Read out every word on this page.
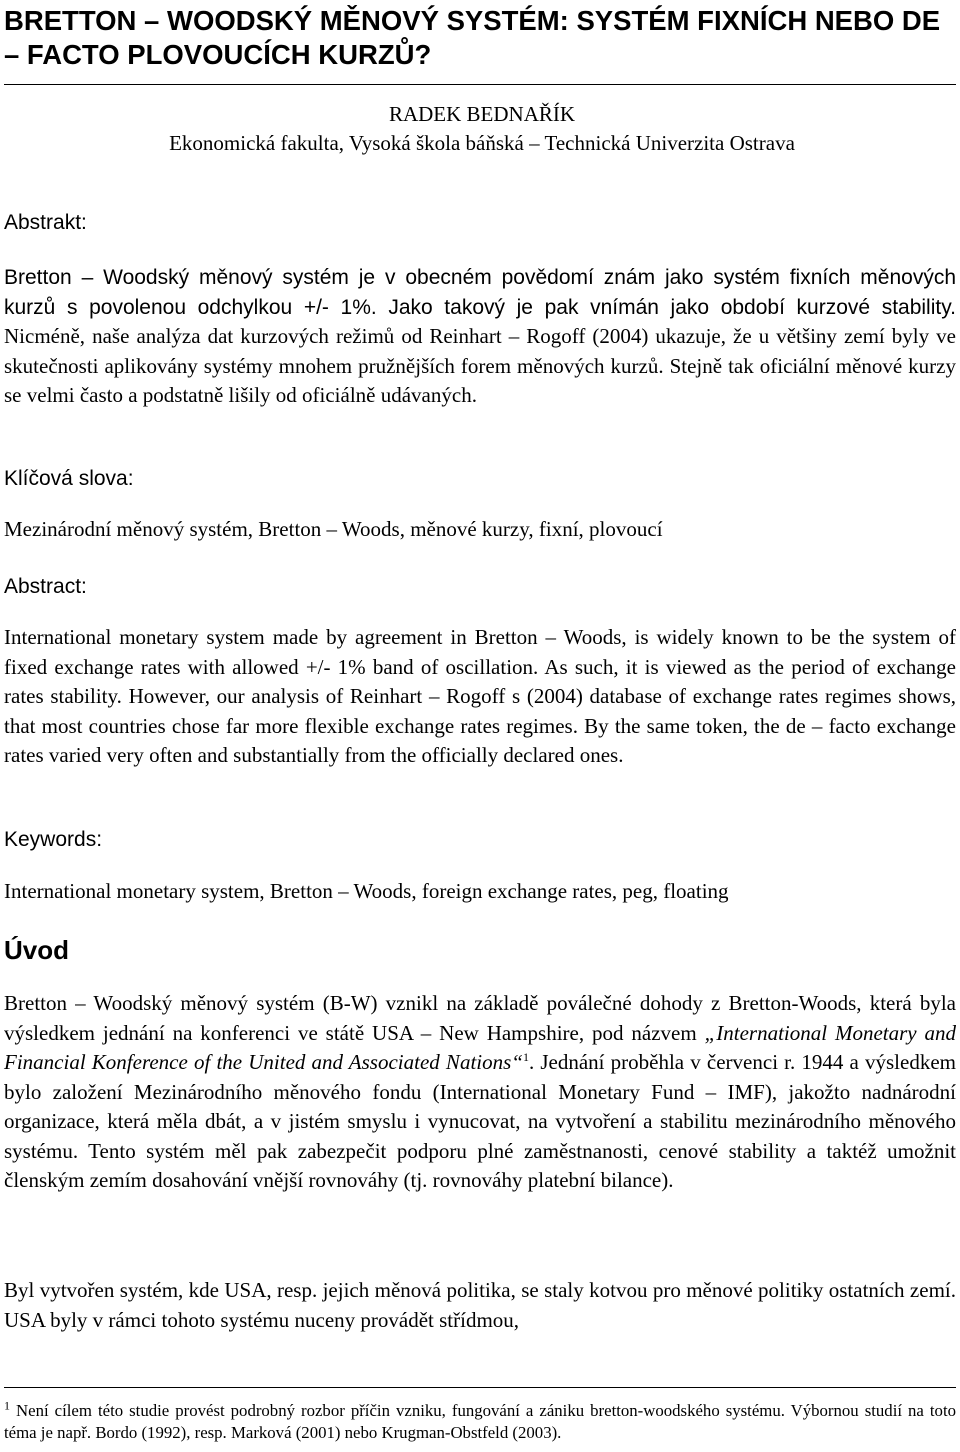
BRETTON – WOODSKÝ MĚNOVÝ SYSTÉM: SYSTÉM FIXNÍCH NEBO DE – FACTO PLOVOUCÍCH KURZŮ?
RADEK BEDNAŘÍK
Ekonomická fakulta, Vysoká škola báňská – Technická Univerzita Ostrava
Abstrakt:

Bretton – Woodský měnový systém je v obecném povědomí znám jako systém fixních měnových kurzů s povolenou odchylkou +/- 1%. Jako takový je pak vnímán jako období kurzové stability. Nicméně, naše analýza dat kurzových režimů od Reinhart – Rogoff (2004) ukazuje, že u většiny zemí byly ve skutečnosti aplikovány systémy mnohem pružnějších forem měnových kurzů. Stejně tak oficiální měnové kurzy se velmi často a podstatně lišily od oficiálně udávaných.

Klíčová slova:

Mezinárodní měnový systém, Bretton – Woods, měnové kurzy, fixní, plovoucí

Abstract:

International monetary system made by agreement in Bretton – Woods, is widely known to be the system of fixed exchange rates with allowed +/- 1% band of oscillation. As such, it is viewed as the period of exchange rates stability. However, our analysis of Reinhart – Rogoff s (2004) database of exchange rates regimes shows, that most countries chose far more flexible exchange rates regimes. By the same token, the de – facto exchange rates varied very often and substantially from the officially declared ones.

Keywords:

International monetary system, Bretton – Woods, foreign exchange rates, peg, floating

Úvod

Bretton – Woodský měnový systém (B-W) vznikl na základě poválečné dohody z Bretton-Woods, která byla výsledkem jednání na konferenci ve státě USA – New Hampshire, pod názvem „International Monetary and Financial Konference of the United and Associated Nations“$^1$. Jednání proběhla v červenci r. 1944 a výsledkem bylo založení Mezinárodního měnového fondu (International Monetary Fund – IMF), jakožto nadnárodní organizace, která měla dbát, a v jistém smyslu i vynucovat, na vytvoření a stabilitu mezinárodního měnového systému. Tento systém měl pak zabezpečit podporu plné zaměstnanosti, cenové stability a taktéž umožnit členským zemím dosahování vnější rovnováhy (tj. rovnováhy platební bilance).

Byl vytvořen systém, kde USA, resp. jejich měnová politika, se staly kotvou pro měnové politiky ostatních zemí. USA byly v rámci tohoto systému nuceny provádět střídmou,

$^1$ Není cílem této studie provést podrobný rozbor příčin vzniku, fungování a zániku bretton-woodského systému. Výbornou studií na toto téma je např. Bordo (1992), resp. Marková (2001) nebo Krugman-Obstfeld (2003).
